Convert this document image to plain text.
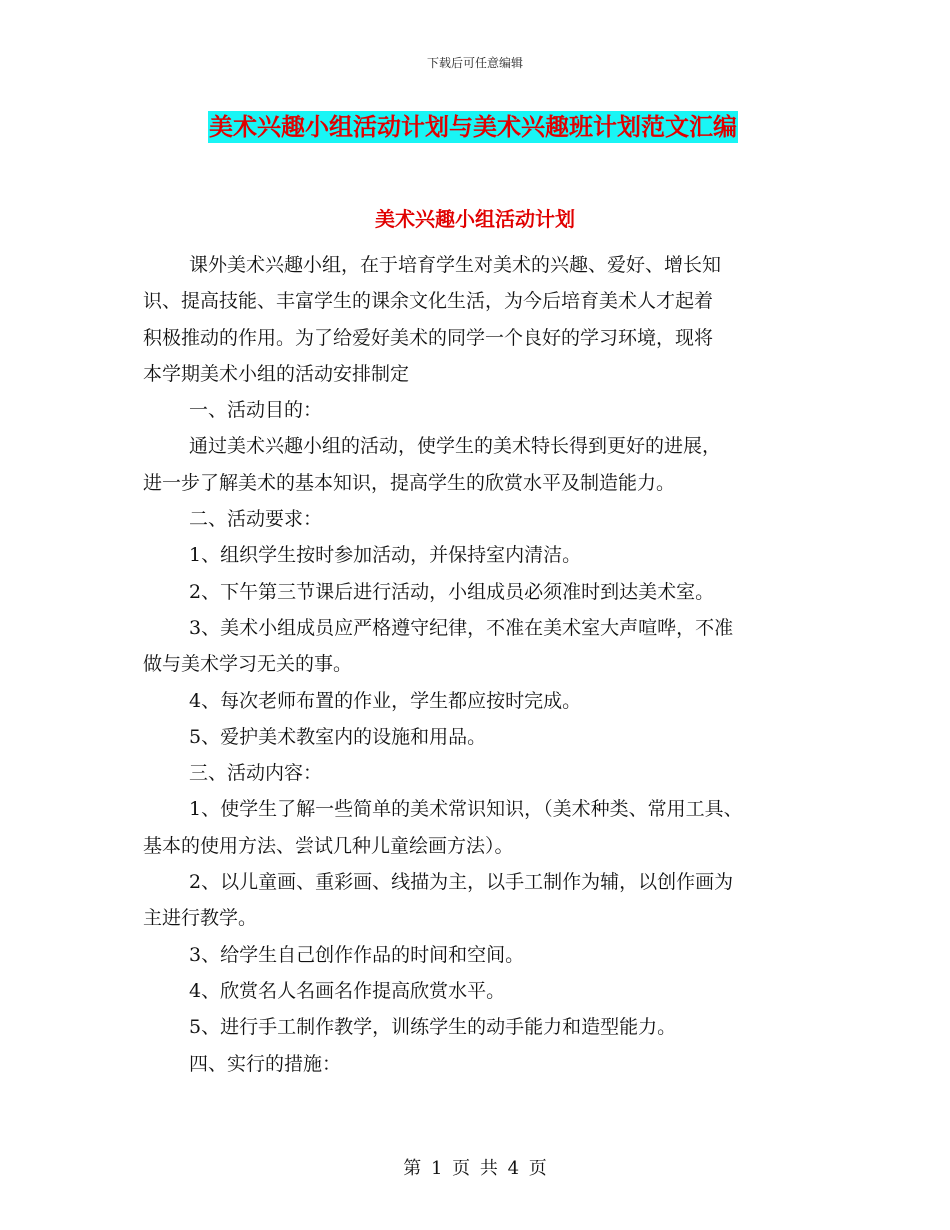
下载后可任意编辑
美术兴趣小组活动计划与美术兴趣班计划范文汇编
美术兴趣小组活动计划

课外美术兴趣小组，在于培育学生对美术的兴趣、爱好、增长知

识、提高技能、丰富学生的课余文化生活，为今后培育美术人才起着

积极推动的作用。为了给爱好美术的同学一个良好的学习环境，现将

本学期美术小组的活动安排制定

一、活动目的：

通过美术兴趣小组的活动，使学生的美术特长得到更好的进展，

进一步了解美术的基本知识，提高学生的欣赏水平及制造能力。

二、活动要求：

1、组织学生按时参加活动，并保持室内清洁。

2、下午第三节课后进行活动，小组成员必须准时到达美术室。

3、美术小组成员应严格遵守纪律，不准在美术室大声喧哗，不准

做与美术学习无关的事。

4、每次老师布置的作业，学生都应按时完成。

5、爱护美术教室内的设施和用品。

三、活动内容：

1、使学生了解一些简单的美术常识知识，（美术种类、常用工具、

基本的使用方法、尝试几种儿童绘画方法）。

2、以儿童画、重彩画、线描为主，以手工制作为辅，以创作画为

主进行教学。

3、给学生自己创作作品的时间和空间。

4、欣赏名人名画名作提高欣赏水平。

5、进行手工制作教学，训练学生的动手能力和造型能力。

四、实行的措施：

第 1 页 共 4 页
